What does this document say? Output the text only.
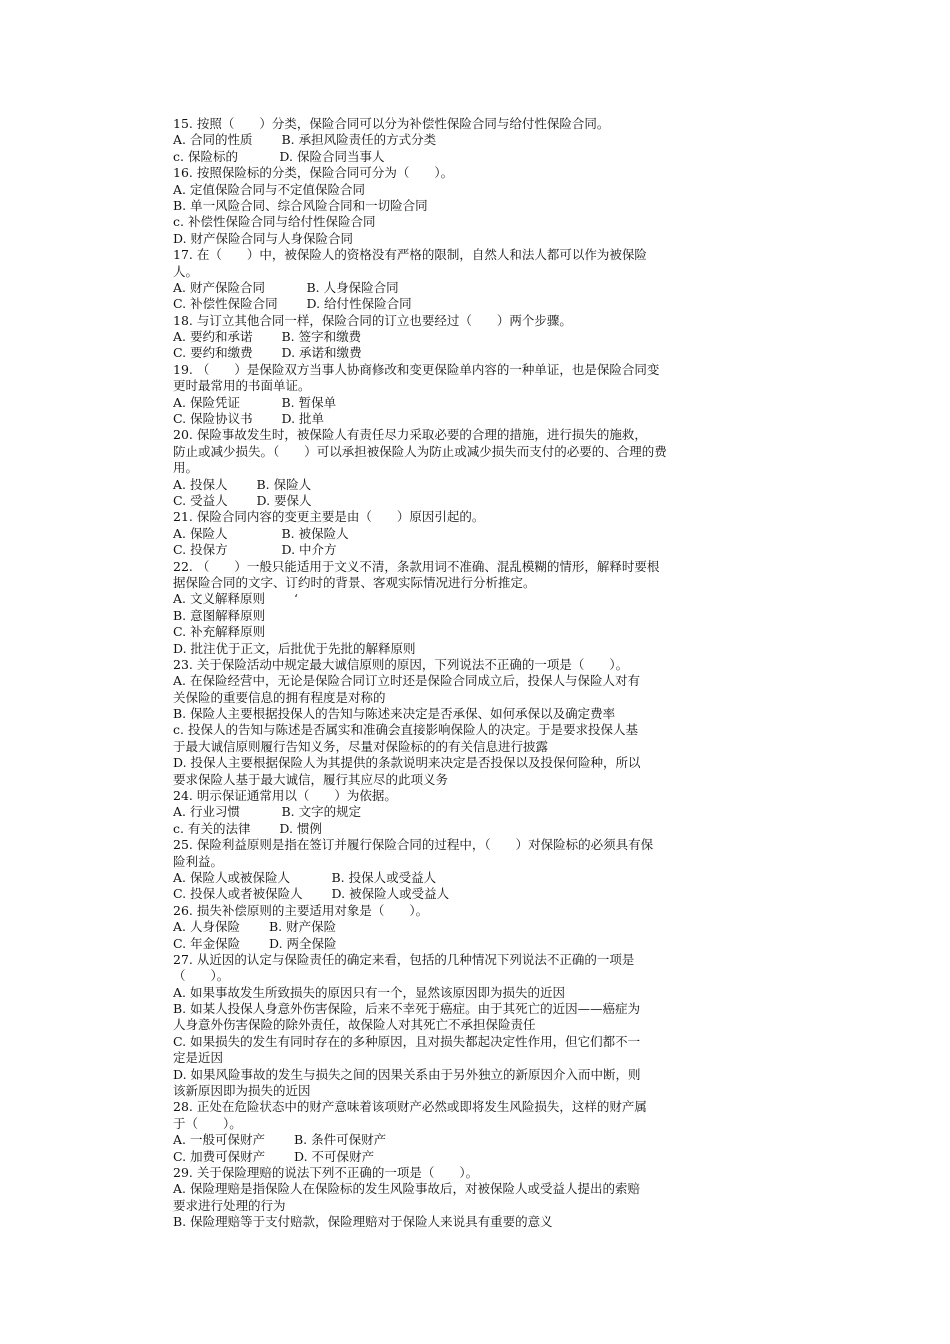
15. 按照（　　）分类，保险合同可以分为补偿性保险合同与给付性保险合同。
A. 合同的性质　　 B. 承担风险责任的方式分类
c. 保险标的　　　 D. 保险合同当事人
16. 按照保险标的分类，保险合同可分为（　　）。
A. 定值保险合同与不定值保险合同
B. 单一风险合同、综合风险合同和一切险合同
c. 补偿性保险合同与给付性保险合同
D. 财产保险合同与人身保险合同
17. 在（　　）中，被保险人的资格没有严格的限制，自然人和法人都可以作为被保险
人。
A. 财产保险合同　　　 B. 人身保险合同
C. 补偿性保险合同　　 D. 给付性保险合同
18. 与订立其他合同一样，保险合同的订立也要经过（　　）两个步骤。
A. 要约和承诺　　 B. 签字和缴费
C. 要约和缴费　　 D. 承诺和缴费
19. （　　）是保险双方当事人协商修改和变更保险单内容的一种单证，也是保险合同变
更时最常用的书面单证。
A. 保险凭证　　　 B. 暂保单
C. 保险协议书　　 D. 批单
20. 保险事故发生时，被保险人有责任尽力采取必要的合理的措施，进行损失的施救，
防止或减少损失。（　　）可以承担被保险人为防止或减少损失而支付的必要的、合理的费
用。
A. 投保人　　 B. 保险人
C. 受益人　　 D. 要保人
21. 保险合同内容的变更主要是由（　　）原因引起的。
A. 保险人　　　　 B. 被保险人
C. 投保方　　　　 D. 中介方
22. （　　）一般只能适用于文义不清，条款用词不准确、混乱模糊的情形，解释时要根
据保险合同的文字、订约时的背景、客观实际情况进行分析推定。
A. 文义解释原则　　 ‘
B. 意图解释原则
C. 补充解释原则
D. 批注优于正文，后批优于先批的解释原则
23. 关于保险活动中规定最大诚信原则的原因，下列说法不正确的一项是（　　）。
A. 在保险经营中，无论是保险合同订立时还是保险合同成立后，投保人与保险人对有
关保险的重要信息的拥有程度是对称的
B. 保险人主要根据投保人的告知与陈述来决定是否承保、如何承保以及确定费率
c. 投保人的告知与陈述是否属实和准确会直接影响保险人的决定。于是要求投保人基
于最大诚信原则履行告知义务，尽量对保险标的的有关信息进行披露
D. 投保人主要根据保险人为其提供的条款说明来决定是否投保以及投保何险种，所以
要求保险人基于最大诚信，履行其应尽的此项义务
24. 明示保证通常用以（　　）为依据。
A. 行业习惯　　　 B. 文字的规定
c. 有关的法律　　 D. 惯例
25. 保险利益原则是指在签订并履行保险合同的过程中，（　　）对保险标的必须具有保
险利益。
A. 保险人或被保险人　　　 B. 投保人或受益人
C. 投保人或者被保险人　　 D. 被保险人或受益人
26. 损失补偿原则的主要适用对象是（　　）。
A. 人身保险　　 B. 财产保险
C. 年金保险　　 D. 两全保险
27. 从近因的认定与保险责任的确定来看，包括的几种情况下列说法不正确的一项是
（　　）。
A. 如果事故发生所致损失的原因只有一个，显然该原因即为损失的近因
B. 如某人投保人身意外伤害保险，后来不幸死于癌症。由于其死亡的近因——癌症为
人身意外伤害保险的除外责任，故保险人对其死亡不承担保险责任
C. 如果损失的发生有同时存在的多种原因，且对损失都起决定性作用，但它们都不一
定是近因
D. 如果风险事故的发生与损失之间的因果关系由于另外独立的新原因介入而中断，则
该新原因即为损失的近因
28. 正处在危险状态中的财产意味着该项财产必然或即将发生风险损失，这样的财产属
于（　　）。
A. 一般可保财产　　 B. 条件可保财产
C. 加费可保财产　　 D. 不可保财产
29. 关于保险理赔的说法下列不正确的一项是（　　）。
A. 保险理赔是指保险人在保险标的发生风险事故后，对被保险人或受益人提出的索赔
要求进行处理的行为
B. 保险理赔等于支付赔款，保险理赔对于保险人来说具有重要的意义
